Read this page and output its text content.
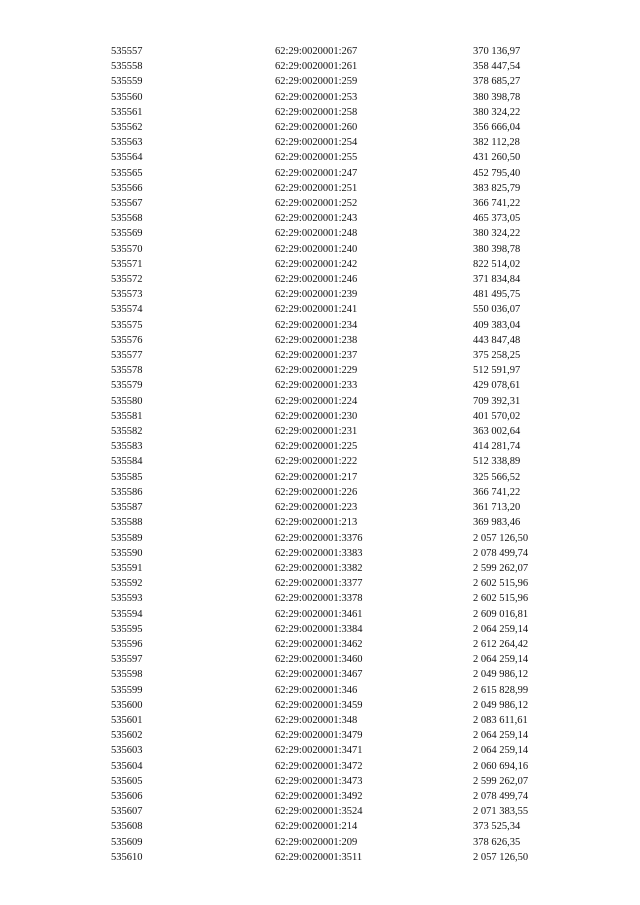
535557	62:29:0020001:267	370 136,97
535558	62:29:0020001:261	358 447,54
535559	62:29:0020001:259	378 685,27
535560	62:29:0020001:253	380 398,78
535561	62:29:0020001:258	380 324,22
535562	62:29:0020001:260	356 666,04
535563	62:29:0020001:254	382 112,28
535564	62:29:0020001:255	431 260,50
535565	62:29:0020001:247	452 795,40
535566	62:29:0020001:251	383 825,79
535567	62:29:0020001:252	366 741,22
535568	62:29:0020001:243	465 373,05
535569	62:29:0020001:248	380 324,22
535570	62:29:0020001:240	380 398,78
535571	62:29:0020001:242	822 514,02
535572	62:29:0020001:246	371 834,84
535573	62:29:0020001:239	481 495,75
535574	62:29:0020001:241	550 036,07
535575	62:29:0020001:234	409 383,04
535576	62:29:0020001:238	443 847,48
535577	62:29:0020001:237	375 258,25
535578	62:29:0020001:229	512 591,97
535579	62:29:0020001:233	429 078,61
535580	62:29:0020001:224	709 392,31
535581	62:29:0020001:230	401 570,02
535582	62:29:0020001:231	363 002,64
535583	62:29:0020001:225	414 281,74
535584	62:29:0020001:222	512 338,89
535585	62:29:0020001:217	325 566,52
535586	62:29:0020001:226	366 741,22
535587	62:29:0020001:223	361 713,20
535588	62:29:0020001:213	369 983,46
535589	62:29:0020001:3376	2 057 126,50
535590	62:29:0020001:3383	2 078 499,74
535591	62:29:0020001:3382	2 599 262,07
535592	62:29:0020001:3377	2 602 515,96
535593	62:29:0020001:3378	2 602 515,96
535594	62:29:0020001:3461	2 609 016,81
535595	62:29:0020001:3384	2 064 259,14
535596	62:29:0020001:3462	2 612 264,42
535597	62:29:0020001:3460	2 064 259,14
535598	62:29:0020001:3467	2 049 986,12
535599	62:29:0020001:346	2 615 828,99
535600	62:29:0020001:3459	2 049 986,12
535601	62:29:0020001:348	2 083 611,61
535602	62:29:0020001:3479	2 064 259,14
535603	62:29:0020001:3471	2 064 259,14
535604	62:29:0020001:3472	2 060 694,16
535605	62:29:0020001:3473	2 599 262,07
535606	62:29:0020001:3492	2 078 499,74
535607	62:29:0020001:3524	2 071 383,55
535608	62:29:0020001:214	373 525,34
535609	62:29:0020001:209	378 626,35
535610	62:29:0020001:3511	2 057 126,50
